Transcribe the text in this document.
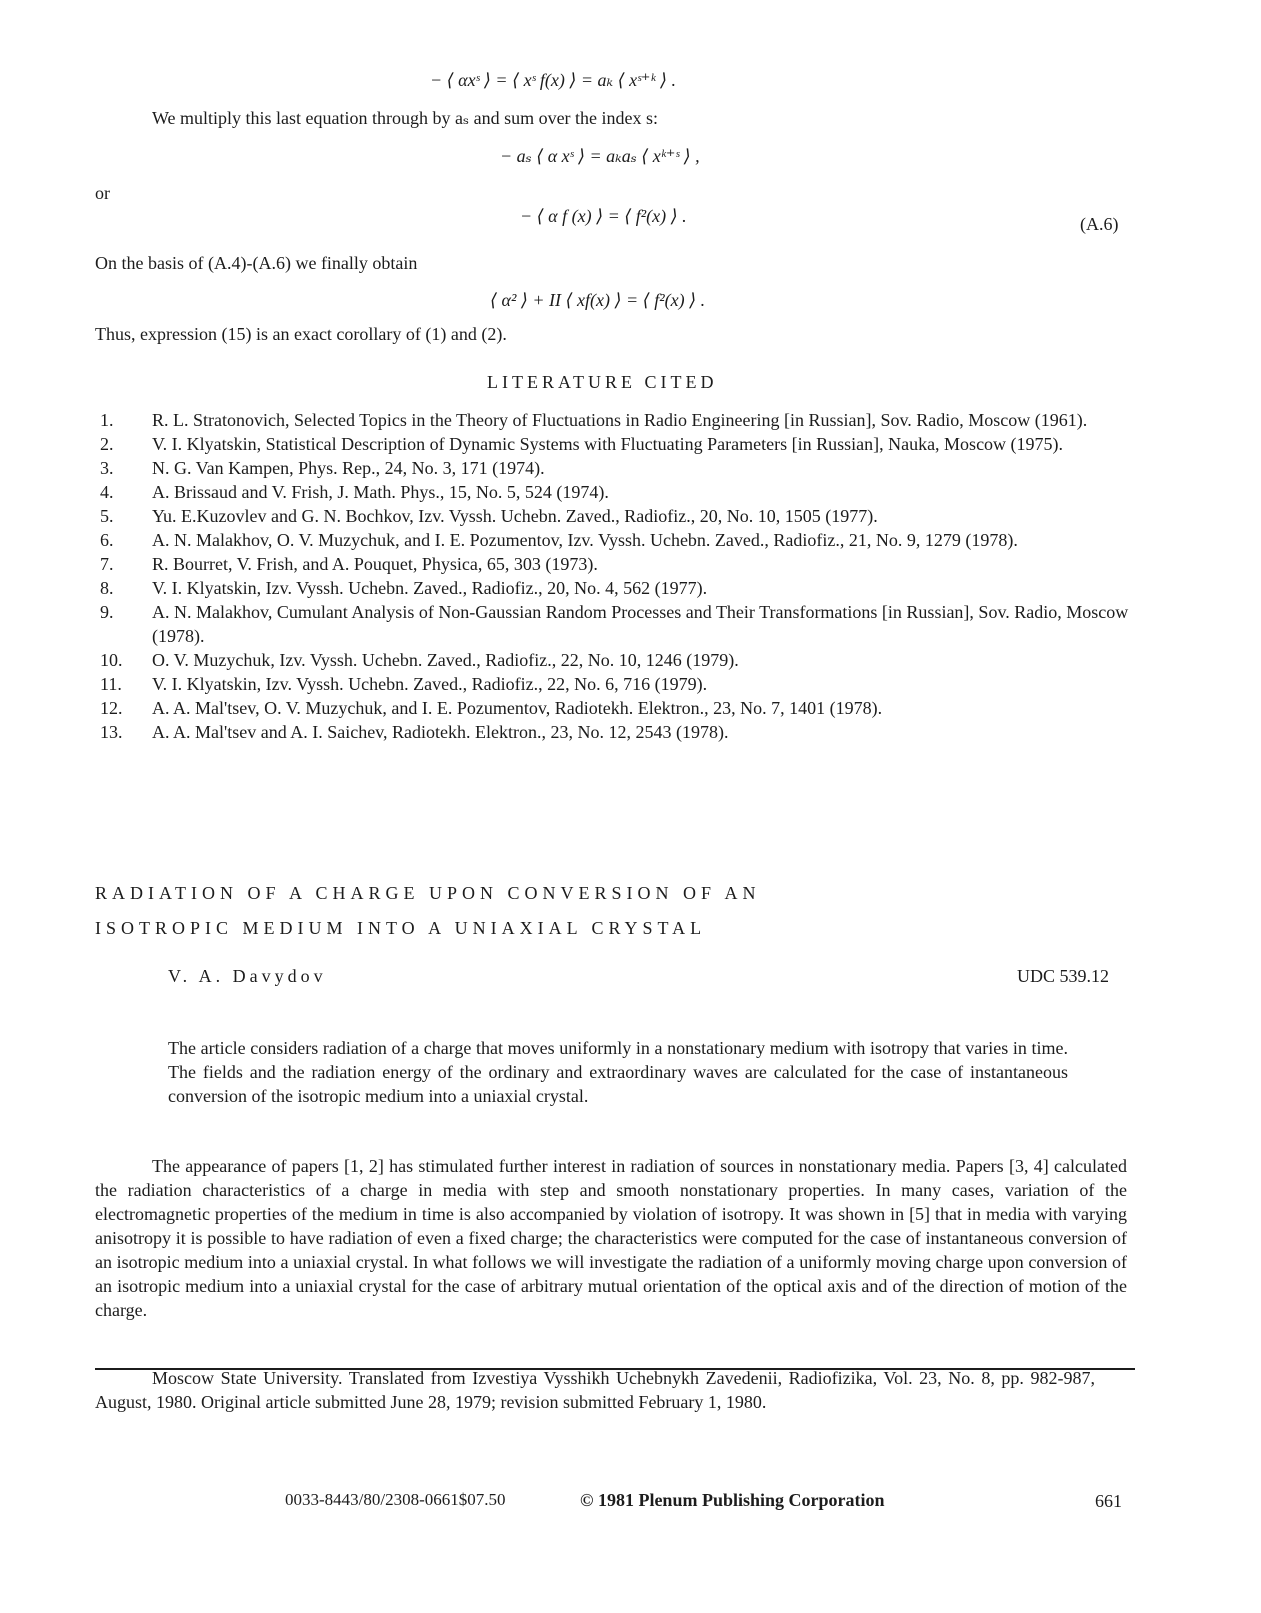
− ⟨ αxˢ ⟩ = ⟨ xˢ f(x) ⟩ = aₖ ⟨ xˢ⁺ᵏ ⟩ .
We multiply this last equation through by aₛ and sum over the index s:
− aₛ ⟨ α xˢ ⟩ = aₖaₛ ⟨ xᵏ⁺ˢ ⟩ ,
or
− ⟨ α f (x) ⟩ = ⟨ f²(x) ⟩ .	(A.6)
On the basis of (A.4)-(A.6) we finally obtain
⟨ α² ⟩ + II ⟨ xf(x) ⟩ = ⟨ f²(x) ⟩ .
Thus, expression (15) is an exact corollary of (1) and (2).
LITERATURE CITED
1.	R. L. Stratonovich, Selected Topics in the Theory of Fluctuations in Radio Engineering [in Russian], Sov. Radio, Moscow (1961).
2.	V. I. Klyatskin, Statistical Description of Dynamic Systems with Fluctuating Parameters [in Russian], Nauka, Moscow (1975).
3.	N. G. Van Kampen, Phys. Rep., 24, No. 3, 171 (1974).
4.	A. Brissaud and V. Frish, J. Math. Phys., 15, No. 5, 524 (1974).
5.	Yu. E.Kuzovlev and G. N. Bochkov, Izv. Vyssh. Uchebn. Zaved., Radiofiz., 20, No. 10, 1505 (1977).
6.	A. N. Malakhov, O. V. Muzychuk, and I. E. Pozumentov, Izv. Vyssh. Uchebn. Zaved., Radiofiz., 21, No. 9, 1279 (1978).
7.	R. Bourret, V. Frish, and A. Pouquet, Physica, 65, 303 (1973).
8.	V. I. Klyatskin, Izv. Vyssh. Uchebn. Zaved., Radiofiz., 20, No. 4, 562 (1977).
9.	A. N. Malakhov, Cumulant Analysis of Non-Gaussian Random Processes and Their Transformations [in Russian], Sov. Radio, Moscow (1978).
10.	O. V. Muzychuk, Izv. Vyssh. Uchebn. Zaved., Radiofiz., 22, No. 10, 1246 (1979).
11.	V. I. Klyatskin, Izv. Vyssh. Uchebn. Zaved., Radiofiz., 22, No. 6, 716 (1979).
12.	A. A. Mal'tsev, O. V. Muzychuk, and I. E. Pozumentov, Radiotekh. Elektron., 23, No. 7, 1401 (1978).
13.	A. A. Mal'tsev and A. I. Saichev, Radiotekh. Elektron., 23, No. 12, 2543 (1978).
RADIATION OF A CHARGE UPON CONVERSION OF AN
ISOTROPIC MEDIUM INTO A UNIAXIAL CRYSTAL
V. A. Davydov	UDC 539.12
The article considers radiation of a charge that moves uniformly in a nonstationary medium with isotropy that varies in time. The fields and the radiation energy of the ordinary and extraordinary waves are calculated for the case of instantaneous conversion of the isotropic medium into a uniaxial crystal.
The appearance of papers [1, 2] has stimulated further interest in radiation of sources in nonstationary media. Papers [3, 4] calculated the radiation characteristics of a charge in media with step and smooth nonstationary properties. In many cases, variation of the electromagnetic properties of the medium in time is also accompanied by violation of isotropy. It was shown in [5] that in media with varying anisotropy it is possible to have radiation of even a fixed charge; the characteristics were computed for the case of instantaneous conversion of an isotropic medium into a uniaxial crystal. In what follows we will investigate the radiation of a uniformly moving charge upon conversion of an isotropic medium into a uniaxial crystal for the case of arbitrary mutual orientation of the optical axis and of the direction of motion of the charge.
Moscow State University. Translated from Izvestiya Vysshikh Uchebnykh Zavedenii, Radiofizika, Vol. 23, No. 8, pp. 982-987, August, 1980. Original article submitted June 28, 1979; revision submitted February 1, 1980.
0033-8443/80/2308-0661$07.50	© 1981 Plenum Publishing Corporation	661
